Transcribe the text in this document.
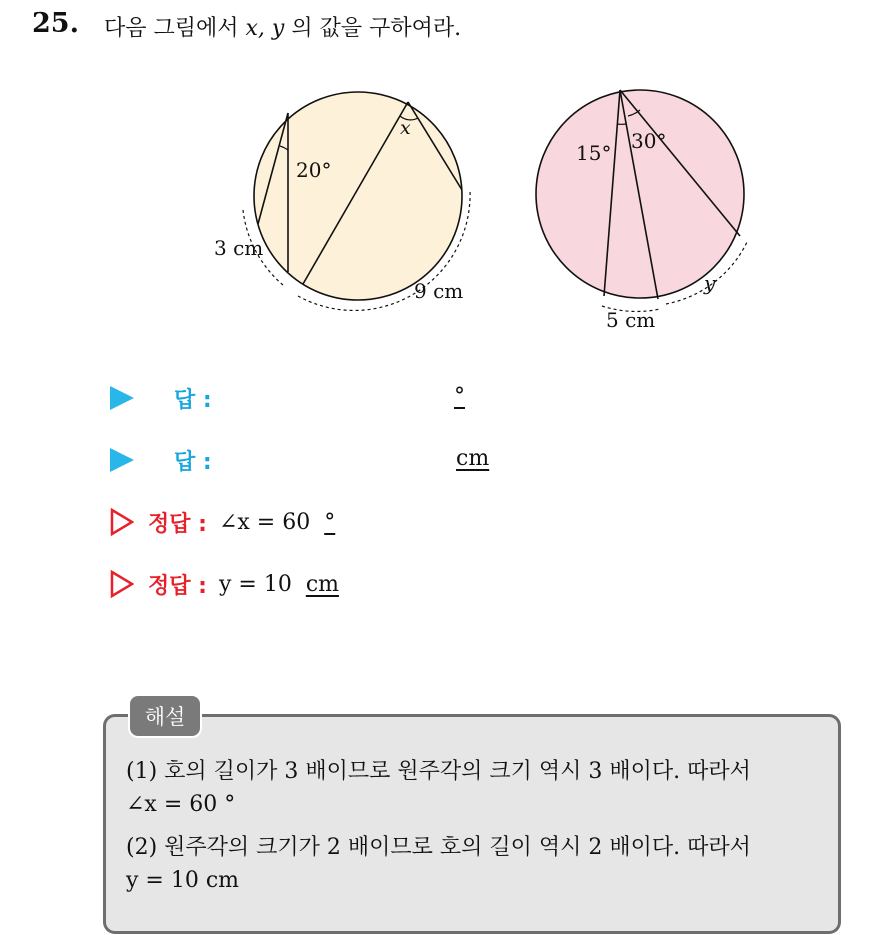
25. 다음 그림에서 x, y 의 값을 구하여라.
20°
x
3 cm
9 cm
15° 30°
5 cm
y
답 :	°
답 :	cm
정답 : ∠x = 60 °
정답 : y = 10 cm
해설
(1) 호의 길이가 3 배이므로 원주각의 크기 역시 3 배이다. 따라서
∠x = 60 °
(2) 원주각의 크기가 2 배이므로 호의 길이 역시 2 배이다. 따라서
y = 10 cm
